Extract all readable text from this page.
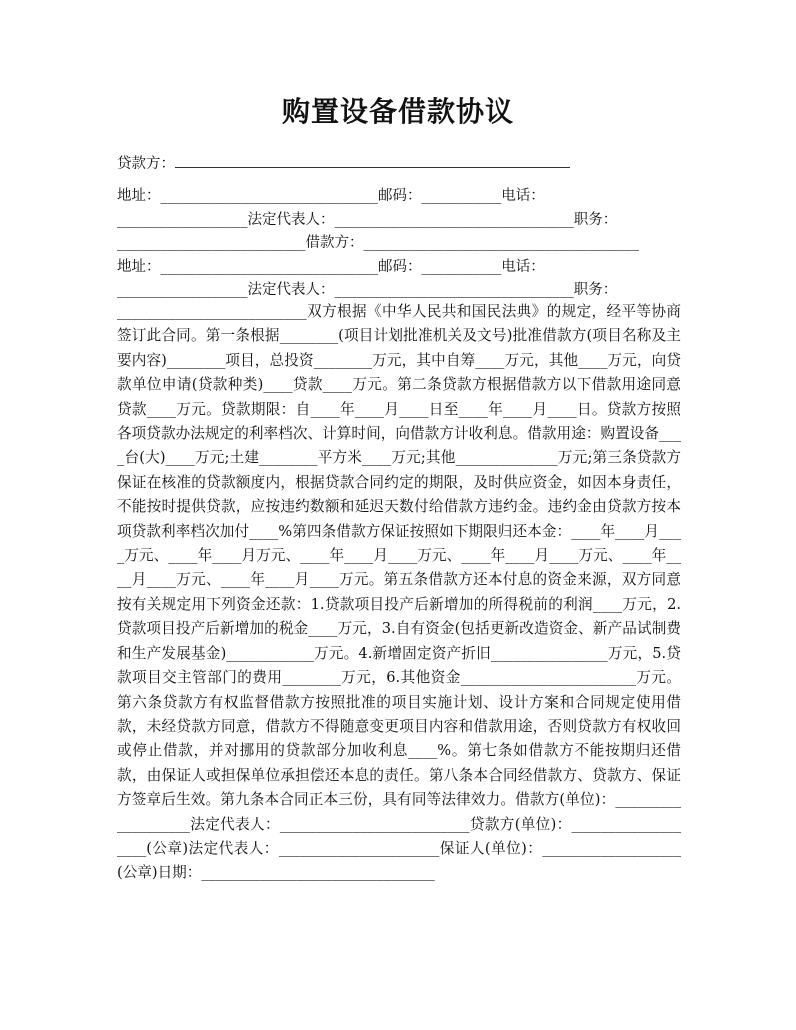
购置设备借款协议
贷款方：
地址：______________________________邮码：___________电话：
__________________法定代表人：_________________________________职务：
__________________________借款方：______________________________________
地址：______________________________邮码：___________电话：
__________________法定代表人：_________________________________职务：

__________________________双方根据《中华人民共和国民法典》的规定，经平等协商签订此合同。第一条根据________(项目计划批准机关及文号)批准借款方(项目名称及主要内容)________项目，总投资________万元，其中自筹____万元，其他____万元，向贷款单位申请(贷款种类)____贷款____万元。第二条贷款方根据借款方以下借款用途同意贷款____万元。贷款期限：自____年____月____日至____年____月____日。贷款方按照各项贷款办法规定的利率档次、计算时间，向借款方计收利息。借款用途：购置设备____台(大)____万元;土建________平方米____万元;其他______________万元;第三条贷款方保证在核准的贷款额度内，根据贷款合同约定的期限，及时供应资金，如因本身责任，不能按时提供贷款，应按违约数额和延迟天数付给借款方违约金。违约金由贷款方按本项贷款利率档次加付____%第四条借款方保证按照如下期限归还本金：____年____月____万元、____年____月万元、____年____月____万元、____年____月____万元、____年____月____万元、____年____月____万元。第五条借款方还本付息的资金来源，双方同意按有关规定用下列资金还款：1.贷款项目投产后新增加的所得税前的利润____万元，2.贷款项目投产后新增加的税金____万元，3.自有资金(包括更新改造资金、新产品试制费和生产发展基金)____________万元。4.新增固定资产折旧________________万元，5.贷款项目交主管部门的费用________万元，6.其他资金________________________万元。第六条贷款方有权监督借款方按照批准的项目实施计划、设计方案和合同规定使用借款，未经贷款方同意，借款方不得随意变更项目内容和借款用途，否则贷款方有权收回或停止借款，并对挪用的贷款部分加收利息____%。第七条如借款方不能按期归还借款，由保证人或担保单位承担偿还本息的责任。第八条本合同经借款方、贷款方、保证方签章后生效。第九条本合同正本三份，具有同等法律效力。借款方(单位)：___________________法定代表人：__________________________贷款方(单位)：___________________(公章)法定代表人：______________________保证人(单位)：___________________(公章)日期：________________________________
